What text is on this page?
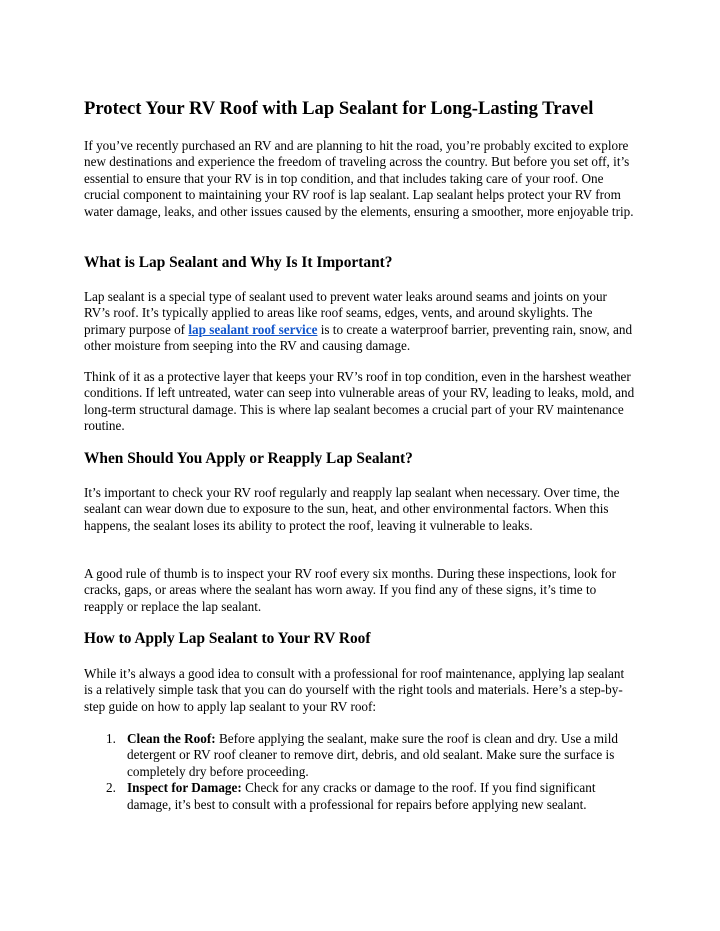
Protect Your RV Roof with Lap Sealant for Long-Lasting Travel

If you’ve recently purchased an RV and are planning to hit the road, you’re probably excited to explore new destinations and experience the freedom of traveling across the country. But before you set off, it’s essential to ensure that your RV is in top condition, and that includes taking care of your roof. One crucial component to maintaining your RV roof is lap sealant. Lap sealant helps protect your RV from water damage, leaks, and other issues caused by the elements, ensuring a smoother, more enjoyable trip.

What is Lap Sealant and Why Is It Important?

Lap sealant is a special type of sealant used to prevent water leaks around seams and joints on your RV’s roof. It’s typically applied to areas like roof seams, edges, vents, and around skylights. The primary purpose of lap sealant roof service is to create a waterproof barrier, preventing rain, snow, and other moisture from seeping into the RV and causing damage.

Think of it as a protective layer that keeps your RV’s roof in top condition, even in the harshest weather conditions. If left untreated, water can seep into vulnerable areas of your RV, leading to leaks, mold, and long-term structural damage. This is where lap sealant becomes a crucial part of your RV maintenance routine.

When Should You Apply or Reapply Lap Sealant?

It’s important to check your RV roof regularly and reapply lap sealant when necessary. Over time, the sealant can wear down due to exposure to the sun, heat, and other environmental factors. When this happens, the sealant loses its ability to protect the roof, leaving it vulnerable to leaks.

A good rule of thumb is to inspect your RV roof every six months. During these inspections, look for cracks, gaps, or areas where the sealant has worn away. If you find any of these signs, it’s time to reapply or replace the lap sealant.

How to Apply Lap Sealant to Your RV Roof

While it’s always a good idea to consult with a professional for roof maintenance, applying lap sealant is a relatively simple task that you can do yourself with the right tools and materials. Here’s a step-by-step guide on how to apply lap sealant to your RV roof:

1. Clean the Roof: Before applying the sealant, make sure the roof is clean and dry. Use a mild detergent or RV roof cleaner to remove dirt, debris, and old sealant. Make sure the surface is completely dry before proceeding.
2. Inspect for Damage: Check for any cracks or damage to the roof. If you find significant damage, it’s best to consult with a professional for repairs before applying new sealant.
